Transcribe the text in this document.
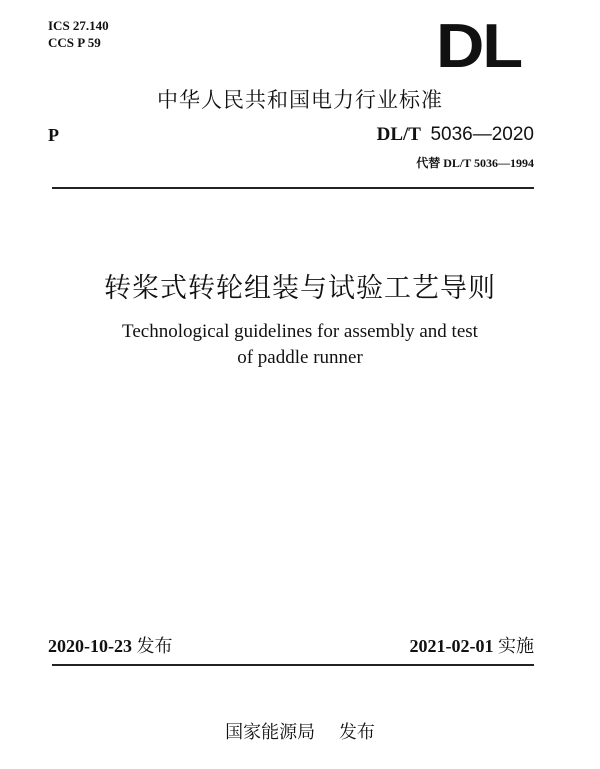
ICS 27.140
CCS P 59	DL
中华人民共和国电力行业标准
P	DL/T 5036—2020
代替 DL/T 5036—1994
转桨式转轮组装与试验工艺导则
Technological guidelines for assembly and test
of paddle runner
2020-10-23 发布	2021-02-01 实施
国家能源局 发布
